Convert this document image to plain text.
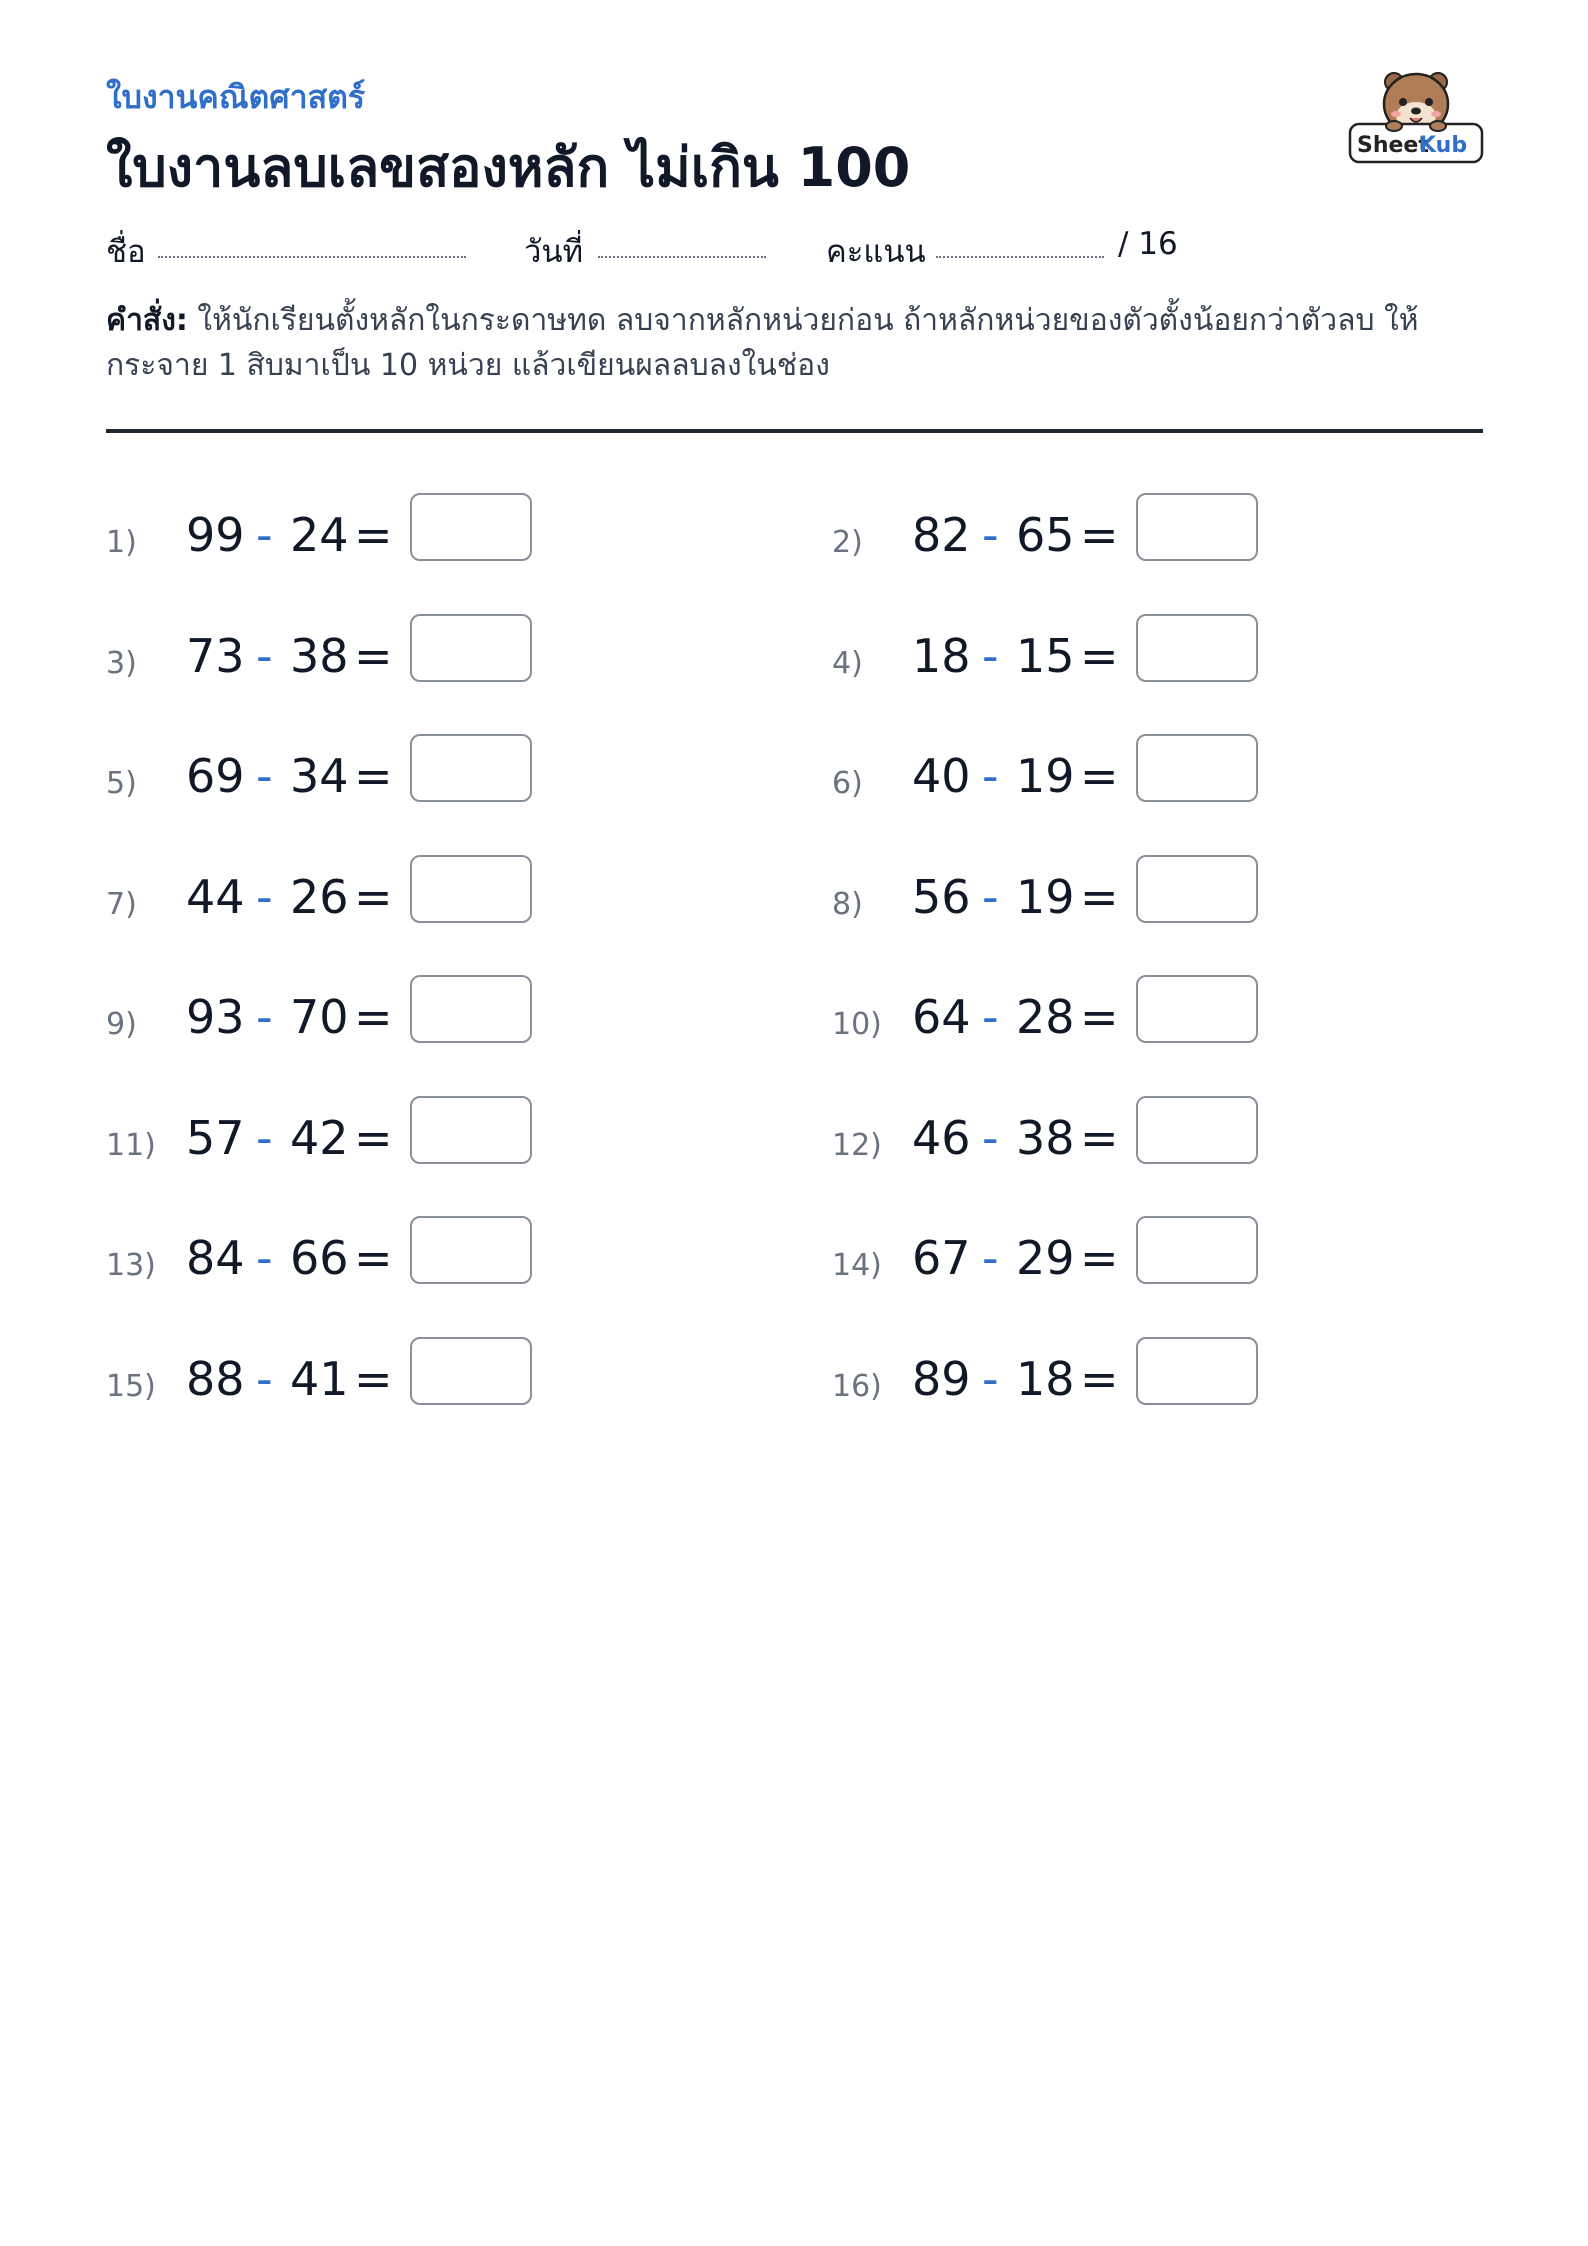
ใบงานคณิตศาสตร์
ใบงานลบเลขสองหลัก ไม่เกิน 100	Sheet
Kub
ชื่อ	วันที่	คะแนน	/ 16
คำสั่ง: ให้นักเรียนตั้งหลักในกระดาษทด ลบจากหลักหน่วยก่อน ถ้าหลักหน่วยของตัวตั้งน้อยกว่าตัวลบ ให้กระจาย 1 สิบมาเป็น 10 หน่วย แล้วเขียนผลลบลงในช่อง
1) 99 - 24 =	2) 82 - 65 =
3) 73 - 38 =	4) 18 - 15 =
5) 69 - 34 =	6) 40 - 19 =
7) 44 - 26 =	8) 56 - 19 =
9) 93 - 70 =	10) 64 - 28 =
11) 57 - 42 =	12) 46 - 38 =
13) 84 - 66 =	14) 67 - 29 =
15) 88 - 41 =	16) 89 - 18 =
